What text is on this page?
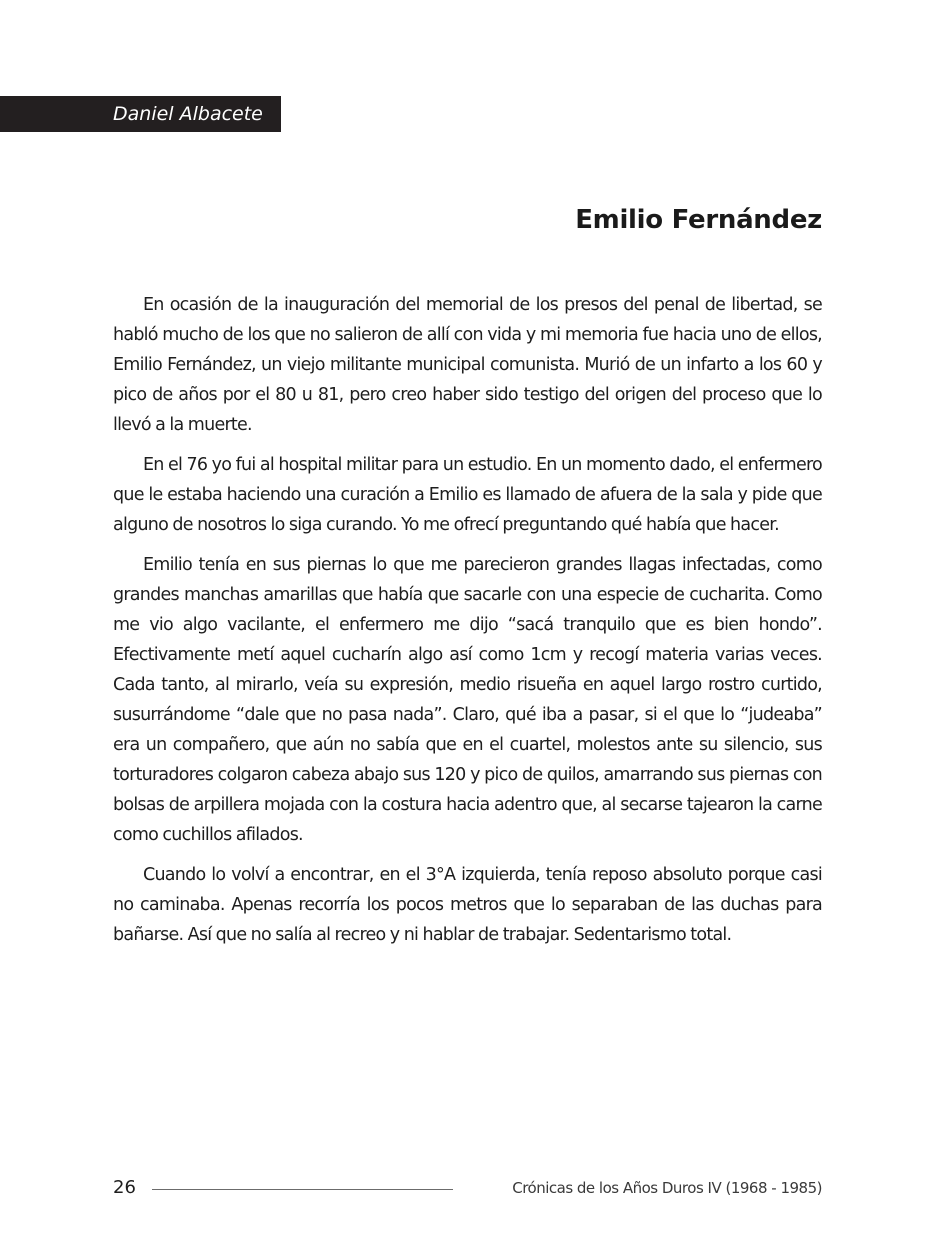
Daniel Albacete
Emilio Fernández

En ocasión de la inauguración del memorial de los presos del penal de libertad, se habló mucho de los que no salieron de allí con vida y mi memoria fue hacia uno de ellos, Emilio Fernández, un viejo militante municipal comunista. Murió de un infarto a los 60 y pico de años por el 80 u 81, pero creo haber sido testigo del origen del proceso que lo llevó a la muerte.

En el 76 yo fui al hospital militar para un estudio. En un momento dado, el enfermero que le estaba haciendo una curación a Emilio es llamado de afuera de la sala y pide que alguno de nosotros lo siga curando. Yo me ofrecí preguntando qué había que hacer.

Emilio tenía en sus piernas lo que me parecieron grandes llagas infectadas, como grandes manchas amarillas que había que sacarle con una especie de cucharita. Como me vio algo vacilante, el enfermero me dijo “sacá tranquilo que es bien hondo”. Efectivamente metí aquel cucharín algo así como 1cm y recogí materia varias veces. Cada tanto, al mirarlo, veía su expresión, medio risueña en aquel largo rostro curtido, susurrándome “dale que no pasa nada”. Claro, qué iba a pasar, si el que lo “judeaba” era un compañero, que aún no sabía que en el cuartel, molestos ante su silencio, sus torturadores colgaron cabeza abajo sus 120 y pico de quilos, amarrando sus piernas con bolsas de arpillera mojada con la costura hacia adentro que, al secarse tajearon la carne como cuchillos afilados.

Cuando lo volví a encontrar, en el 3°A izquierda, tenía reposo absoluto porque casi no caminaba. Apenas recorría los pocos metros que lo separaban de las duchas para bañarse. Así que no salía al recreo y ni hablar de trabajar. Sedentarismo total.

26	Crónicas de los Años Duros IV (1968 - 1985)
